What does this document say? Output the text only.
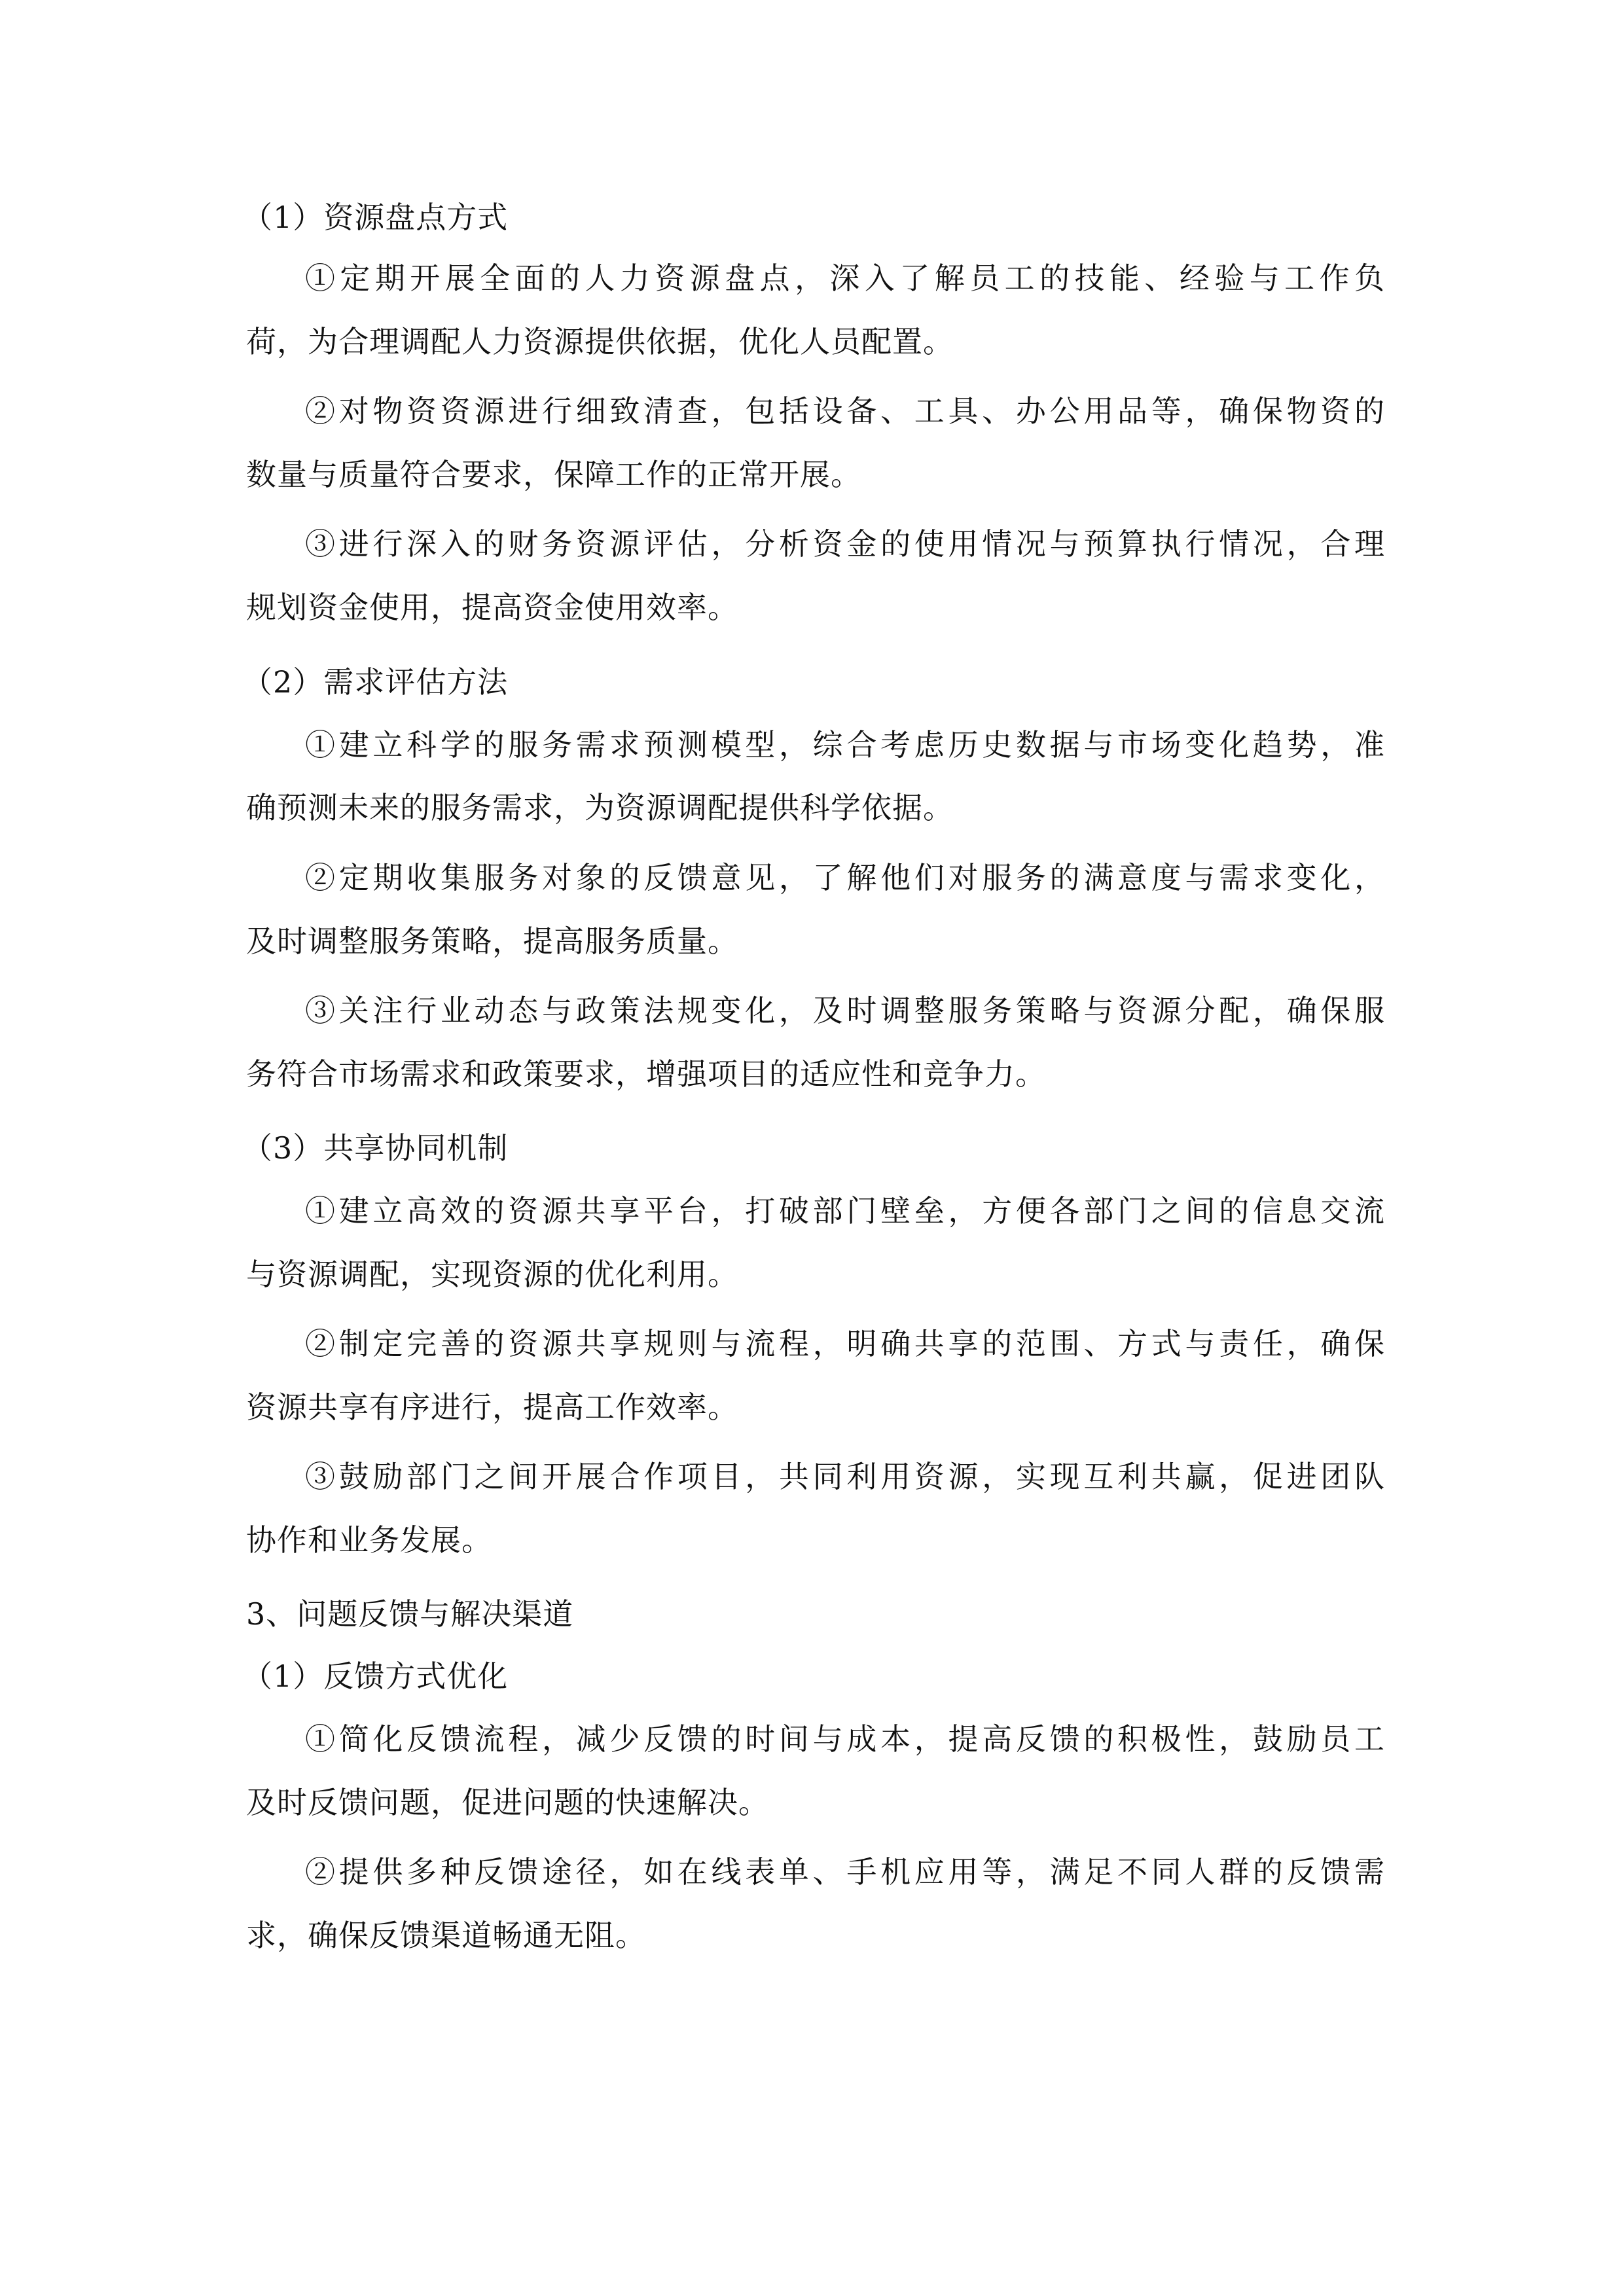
（1）资源盘点方式

①定期开展全面的人力资源盘点，深入了解员工的技能、经验与工作负

荷，为合理调配人力资源提供依据，优化人员配置。

②对物资资源进行细致清查，包括设备、工具、办公用品等，确保物资的

数量与质量符合要求，保障工作的正常开展。

③进行深入的财务资源评估，分析资金的使用情况与预算执行情况，合理

规划资金使用，提高资金使用效率。

（2）需求评估方法

①建立科学的服务需求预测模型，综合考虑历史数据与市场变化趋势，准

确预测未来的服务需求，为资源调配提供科学依据。

②定期收集服务对象的反馈意见，了解他们对服务的满意度与需求变化，

及时调整服务策略，提高服务质量。

③关注行业动态与政策法规变化，及时调整服务策略与资源分配，确保服

务符合市场需求和政策要求，增强项目的适应性和竞争力。

（3）共享协同机制

①建立高效的资源共享平台，打破部门壁垒，方便各部门之间的信息交流

与资源调配，实现资源的优化利用。

②制定完善的资源共享规则与流程，明确共享的范围、方式与责任，确保

资源共享有序进行，提高工作效率。

③鼓励部门之间开展合作项目，共同利用资源，实现互利共赢，促进团队

协作和业务发展。

3、问题反馈与解决渠道

（1）反馈方式优化

①简化反馈流程，减少反馈的时间与成本，提高反馈的积极性，鼓励员工

及时反馈问题，促进问题的快速解决。

②提供多种反馈途径，如在线表单、手机应用等，满足不同人群的反馈需

求，确保反馈渠道畅通无阻。
